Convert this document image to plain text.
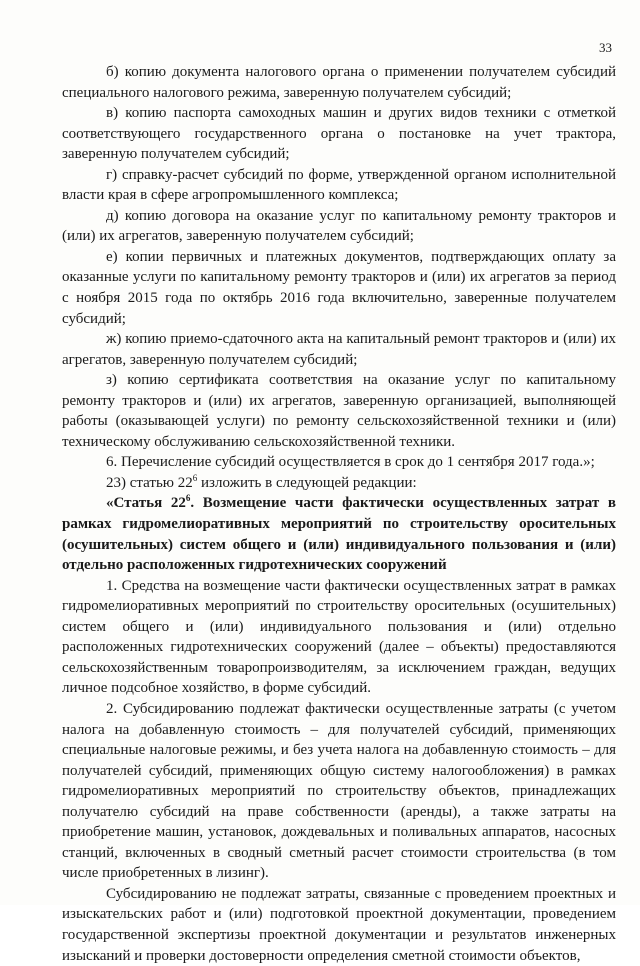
33

б) копию документа налогового органа о применении получателем субсидий специального налогового режима, заверенную получателем субсидий;

в) копию паспорта самоходных машин и других видов техники с отметкой соответствующего государственного органа о постановке на учет трактора, заверенную получателем субсидий;

г) справку-расчет субсидий по форме, утвержденной органом исполнительной власти края в сфере агропромышленного комплекса;

д) копию договора на оказание услуг по капитальному ремонту тракторов и (или) их агрегатов, заверенную получателем субсидий;

е) копии первичных и платежных документов, подтверждающих оплату за оказанные услуги по капитальному ремонту тракторов и (или) их агрегатов за период с ноября 2015 года по октябрь 2016 года включительно, заверенные получателем субсидий;

ж) копию приемо-сдаточного акта на капитальный ремонт тракторов и (или) их агрегатов, заверенную получателем субсидий;

з) копию сертификата соответствия на оказание услуг по капитальному ремонту тракторов и (или) их агрегатов, заверенную организацией, выполняющей работы (оказывающей услуги) по ремонту сельскохозяйственной техники и (или) техническому обслуживанию сельскохозяйственной техники.

6. Перечисление субсидий осуществляется в срок до 1 сентября 2017 года.»;

23) статью $22^6$ изложить в следующей редакции:

«Статья $22^6$. Возмещение части фактически осуществленных затрат в рамках гидромелиоративных мероприятий по строительству оросительных (осушительных) систем общего и (или) индивидуального пользования и (или) отдельно расположенных гидротехнических сооружений

1. Средства на возмещение части фактически осуществленных затрат в рамках гидромелиоративных мероприятий по строительству оросительных (осушительных) систем общего и (или) индивидуального пользования и (или) отдельно расположенных гидротехнических сооружений (далее – объекты) предоставляются сельскохозяйственным товаропроизводителям, за исключением граждан, ведущих личное подсобное хозяйство, в форме субсидий.

2. Субсидированию подлежат фактически осуществленные затраты (с учетом налога на добавленную стоимость – для получателей субсидий, применяющих специальные налоговые режимы, и без учета налога на добавленную стоимость – для получателей субсидий, применяющих общую систему налогообложения) в рамках гидромелиоративных мероприятий по строительству объектов, принадлежащих получателю субсидий на праве собственности (аренды), а также затраты на приобретение машин, установок, дождевальных и поливальных аппаратов, насосных станций, включенных в сводный сметный расчет стоимости строительства (в том числе приобретенных в лизинг).

Субсидированию не подлежат затраты, связанные с проведением проектных и изыскательских работ и (или) подготовкой проектной документации, проведением государственной экспертизы проектной документации и результатов инженерных изысканий и проверки достоверности определения сметной стоимости объектов,
